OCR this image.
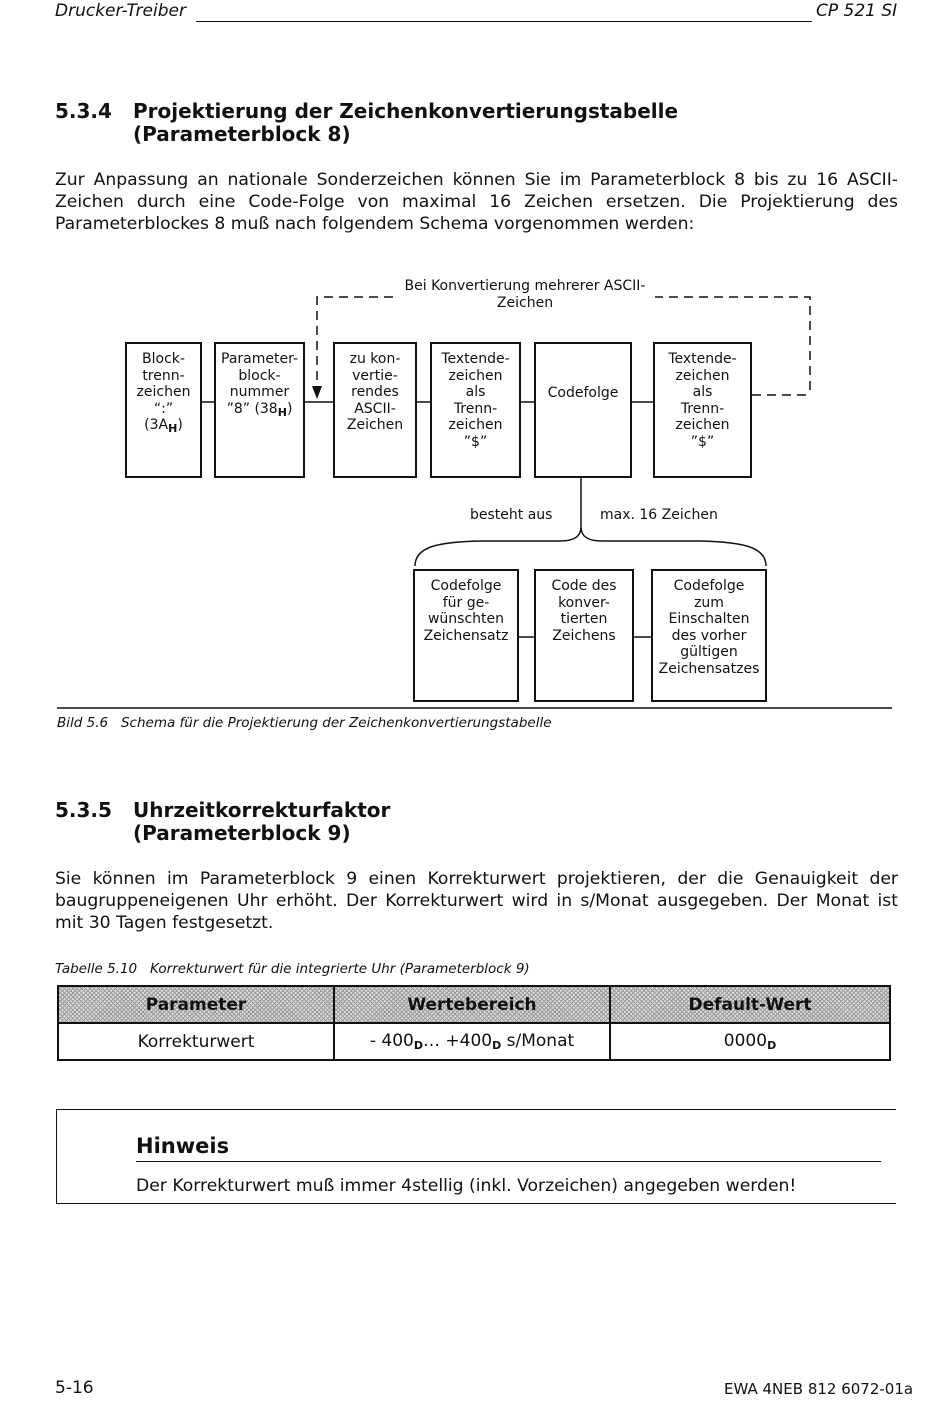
Drucker-Treiber	CP 521 SI
5.3.4 Projektierung der Zeichenkonvertierungstabelle
(Parameterblock 8)

Zur Anpassung an nationale Sonderzeichen können Sie im Parameterblock 8 bis zu 16 ASCII-Zeichen durch eine Code-Folge von maximal 16 Zeichen ersetzen. Die Projektierung des Parameterblockes 8 muß nach folgendem Schema vorgenommen werden:

Bei Konvertierung mehrerer ASCII-
Zeichen
Block-
trenn-
zeichen
“:”
$(3A_H)$
Parameter-
block-
nummer
”8” $(38_H)$
zu kon-
vertie-
rendes
ASCII-
Zeichen
Textende-
zeichen
als
Trenn-
zeichen
”$”
Codefolge
Textende-
zeichen
als
Trenn-
zeichen
”$”
besteht aus	max. 16 Zeichen
Codefolge
für ge-
wünschten
Zeichensatz
Code des
konver-
tierten
Zeichens
Codefolge
zum
Einschalten
des vorher
gültigen
Zeichensatzes
Bild 5.6   Schema für die Projektierung der Zeichenkonvertierungstabelle
5.3.5 Uhrzeitkorrekturfaktor
(Parameterblock 9)

Sie können im Parameterblock 9 einen Korrekturwert projektieren, der die Genauigkeit der baugruppeneigenen Uhr erhöht. Der Korrekturwert wird in s/Monat ausgegeben. Der Monat ist mit 30 Tagen festgesetzt.

Tabelle 5.10   Korrekturwert für die integrierte Uhr (Parameterblock 9)
Parameter	Wertebereich	Default-Wert
Korrekturwert	- $400_D\dots +400_D$ s/Monat	$0000_D$
Hinweis
Der Korrekturwert muß immer 4stellig (inkl. Vorzeichen) angegeben werden!
5-16	EWA 4NEB 812 6072-01a
